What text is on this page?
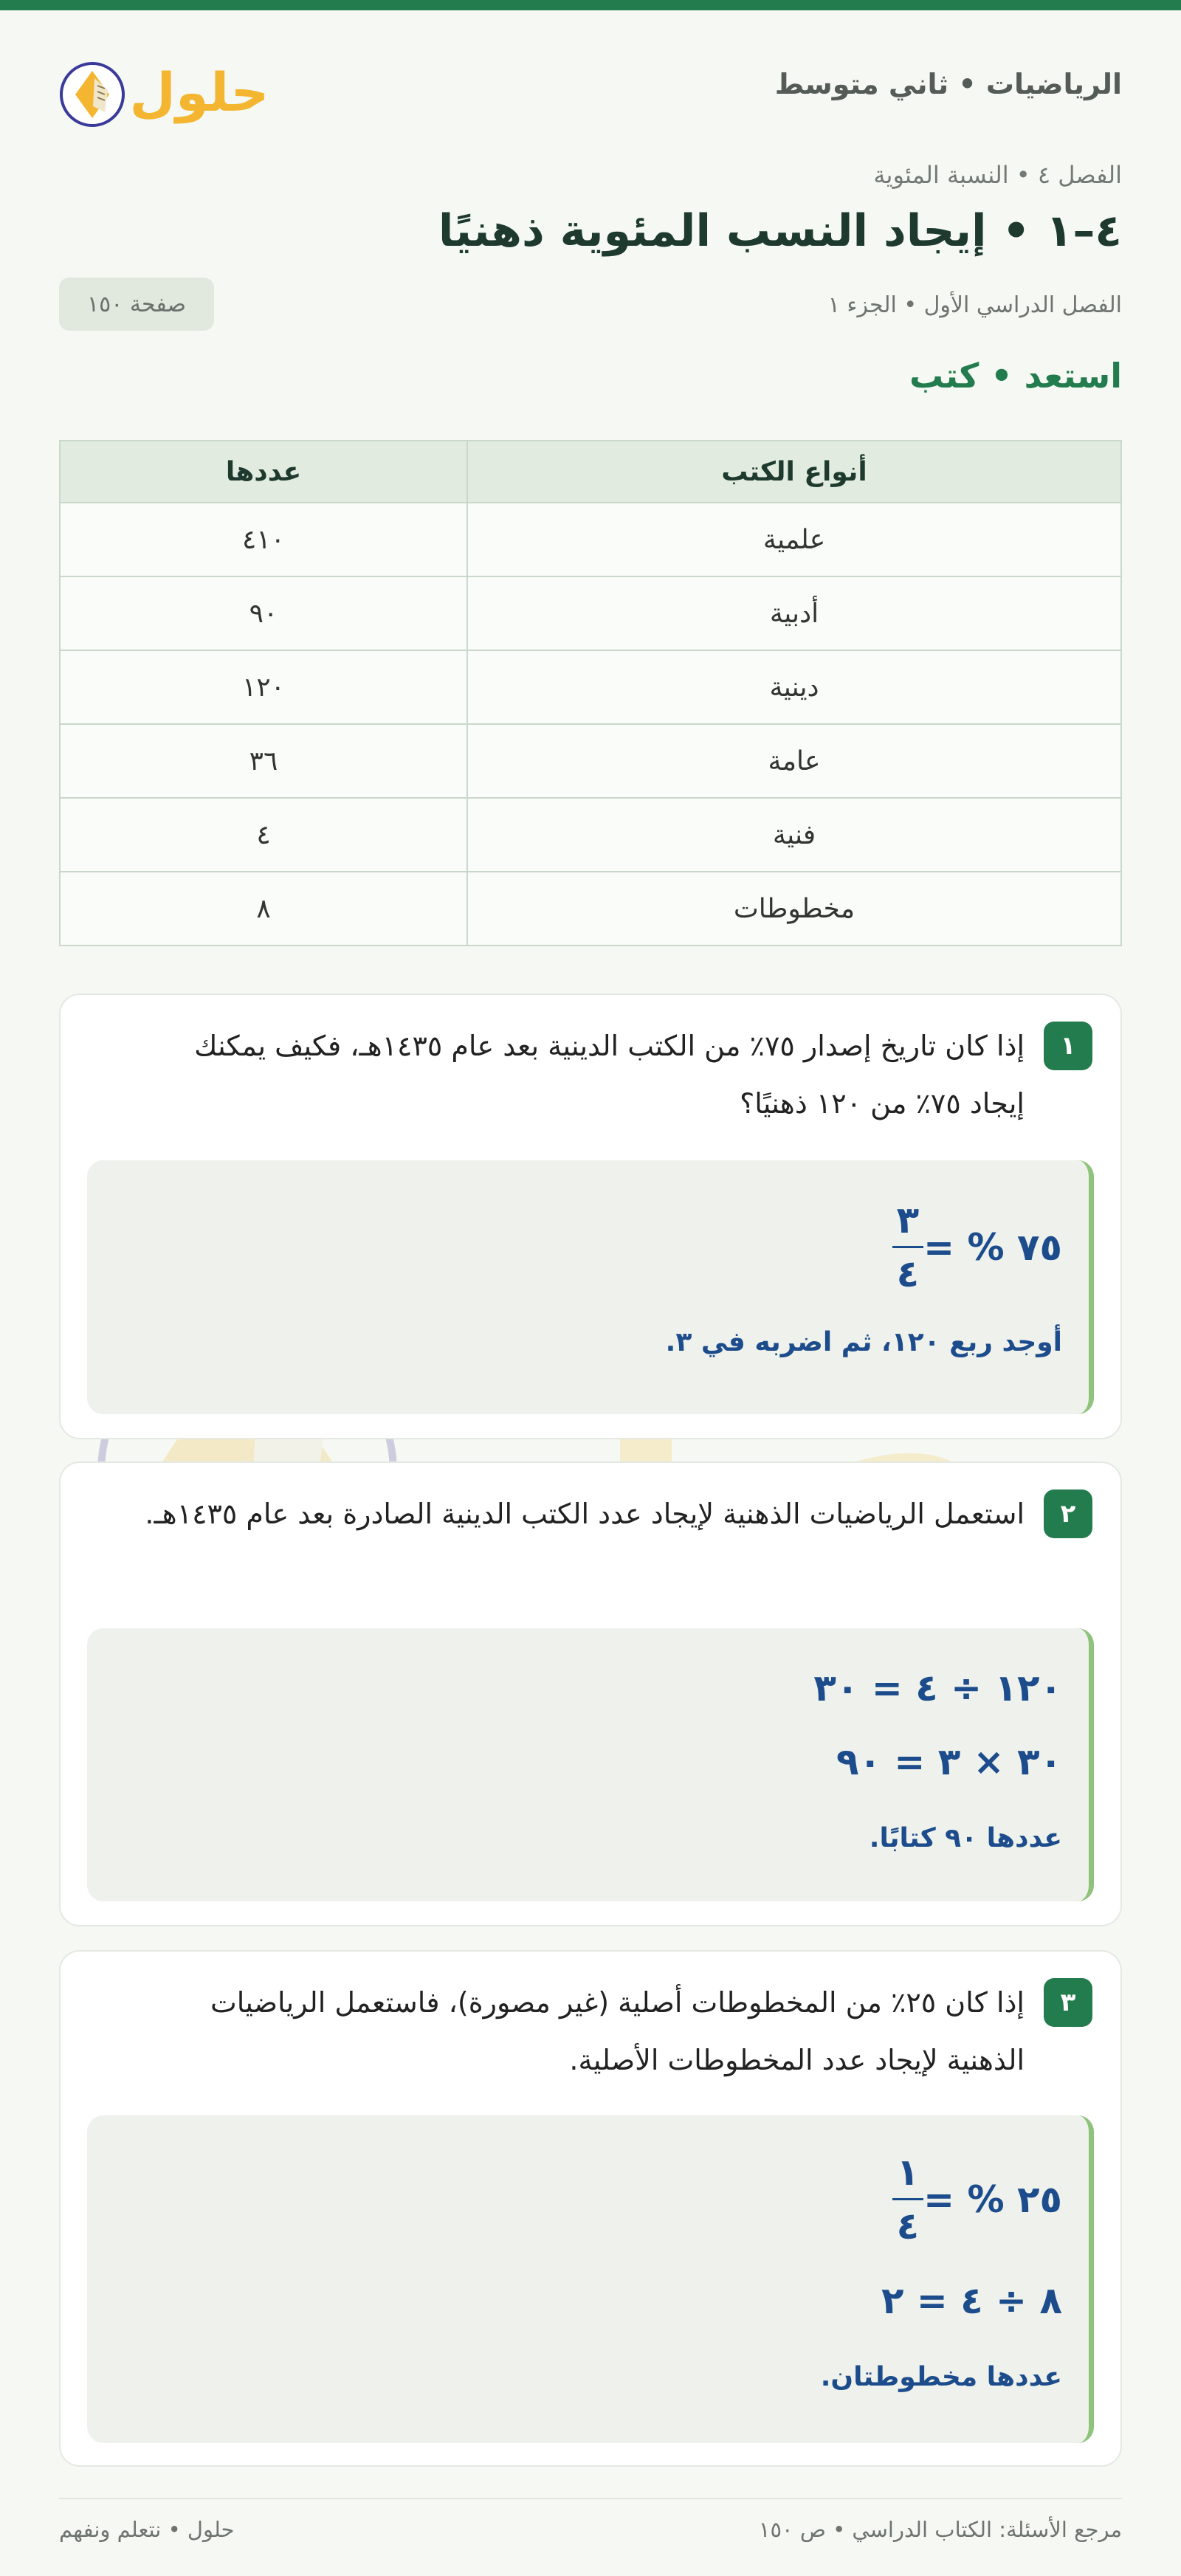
الرياضيات • ثاني متوسط
حلول
الفصل ٤ • النسبة المئوية
٤–١ • إيجاد النسب المئوية ذهنيًا
الفصل الدراسي الأول • الجزء ١
صفحة ١٥٠
استعد • كتب
أنواع الكتب	عددها
علمية	٤١٠
أدبية	٩٠
دينية	١٢٠
عامة	٣٦
فنية	٤
مخطوطات	٨
١
إذا كان تاريخ إصدار ٧٥٪ من الكتب الدينية بعد عام ١٤٣٥هـ، فكيف يمكنك إيجاد ٧٥٪ من ١٢٠ ذهنيًا؟
٧٥ % =
$\frac{٣}{٤}$
أوجد ربع ١٢٠، ثم اضربه في ٣.
٢
استعمل الرياضيات الذهنية لإيجاد عدد الكتب الدينية الصادرة بعد عام ١٤٣٥هـ.
١٢٠ ÷ ٤ = ٣٠
٣٠ × ٣ = ٩٠
عددها ٩٠ كتابًا.
٣
إذا كان ٢٥٪ من المخطوطات أصلية (غير مصورة)، فاستعمل الرياضيات الذهنية لإيجاد عدد المخطوطات الأصلية.
٢٥ % =
$\frac{١}{٤}$
٨ ÷ ٤ = ٢
عددها مخطوطتان.
مرجع الأسئلة: الكتاب الدراسي • ص ١٥٠
حلول • نتعلم ونفهم
